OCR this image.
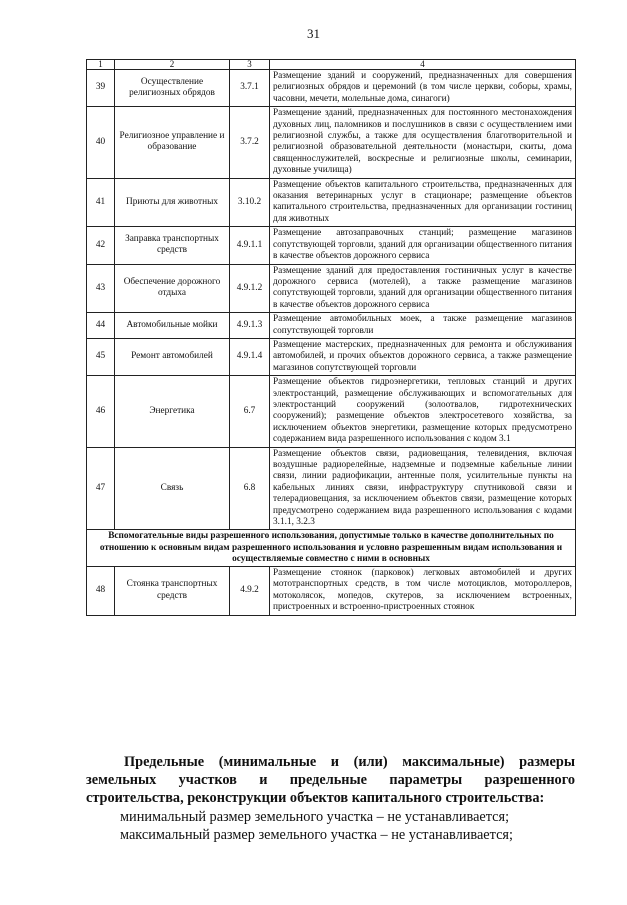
31
1	2	3	4
39	Осуществление религиозных обрядов	3.7.1	Размещение зданий и сооружений, предназначенных для совершения религиозных обрядов и церемоний (в том числе церкви, соборы, храмы, часовни, мечети, молельные дома, синагоги)
40	Религиозное управление и образование	3.7.2	Размещение зданий, предназначенных для постоянного местонахождения духовных лиц, паломников и послушников в связи с осуществлением ими религиозной службы, а также для осуществления благотворительной и религиозной образовательной деятельности (монастыри, скиты, дома священнослужителей, воскресные и религиозные школы, семинарии, духовные училища)
41	Приюты для животных	3.10.2	Размещение объектов капитального строительства, предназначенных для оказания ветеринарных услуг в стационаре; размещение объектов капитального строительства, предназначенных для организации гостиниц для животных
42	Заправка транспортных средств	4.9.1.1	Размещение автозаправочных станций; размещение магазинов сопутствующей торговли, зданий для организации общественного питания в качестве объектов дорожного сервиса
43	Обеспечение дорожного отдыха	4.9.1.2	Размещение зданий для предоставления гостиничных услуг в качестве дорожного сервиса (мотелей), а также размещение магазинов сопутствующей торговли, зданий для организации общественного питания в качестве объектов дорожного сервиса
44	Автомобильные мойки	4.9.1.3	Размещение автомобильных моек, а также размещение магазинов сопутствующей торговли
45	Ремонт автомобилей	4.9.1.4	Размещение мастерских, предназначенных для ремонта и обслуживания автомобилей, и прочих объектов дорожного сервиса, а также размещение магазинов сопутствующей торговли
46	Энергетика	6.7	Размещение объектов гидроэнергетики, тепловых станций и других электростанций, размещение обслуживающих и вспомогательных для электростанций сооружений (золоотвалов, гидротехнических сооружений); размещение объектов электросетевого хозяйства, за исключением объектов энергетики, размещение которых предусмотрено содержанием вида разрешенного использования с кодом 3.1
47	Связь	6.8	Размещение объектов связи, радиовещания, телевидения, включая воздушные радиорелейные, надземные и подземные кабельные линии связи, линии радиофикации, антенные поля, усилительные пункты на кабельных линиях связи, инфраструктуру спутниковой связи и телерадиовещания, за исключением объектов связи, размещение которых предусмотрено содержанием вида разрешенного использования с кодами 3.1.1, 3.2.3
Вспомогательные виды разрешенного использования, допустимые только в качестве дополнительных по отношению к основным видам разрешенного использования и условно разрешенным видам использования и осуществляемые совместно с ними в основных			
48	Стоянка транспортных средств	4.9.2	Размещение стоянок (парковок) легковых автомобилей и других мототранспортных средств, в том числе мотоциклов, мотороллеров, мотоколясок, мопедов, скутеров, за исключением встроенных, пристроенных и встроенно-пристроенных стоянок

Предельные (минимальные и (или) максимальные) размеры земельных участков и предельные параметры разрешенного строительства, реконструкции объектов капитального строительства:

минимальный размер земельного участка – не устанавливается;

максимальный размер земельного участка – не устанавливается;
